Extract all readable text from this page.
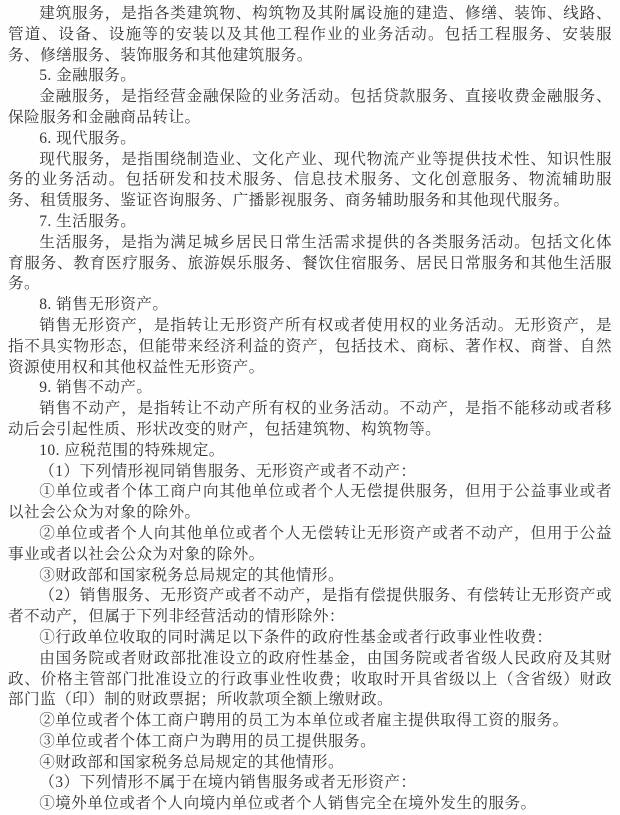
建筑服务，是指各类建筑物、构筑物及其附属设施的建造、修缮、装饰、线路、管道、设备、设施等的安装以及其他工程作业的业务活动。包括工程服务、安装服务、修缮服务、装饰服务和其他建筑服务。

5. 金融服务。

金融服务，是指经营金融保险的业务活动。包括贷款服务、直接收费金融服务、保险服务和金融商品转让。

6. 现代服务。

现代服务，是指围绕制造业、文化产业、现代物流产业等提供技术性、知识性服务的业务活动。包括研发和技术服务、信息技术服务、文化创意服务、物流辅助服务、租赁服务、鉴证咨询服务、广播影视服务、商务辅助服务和其他现代服务。

7. 生活服务。

生活服务，是指为满足城乡居民日常生活需求提供的各类服务活动。包括文化体育服务、教育医疗服务、旅游娱乐服务、餐饮住宿服务、居民日常服务和其他生活服务。

8. 销售无形资产。

销售无形资产，是指转让无形资产所有权或者使用权的业务活动。无形资产，是指不具实物形态，但能带来经济利益的资产，包括技术、商标、著作权、商誉、自然资源使用权和其他权益性无形资产。

9. 销售不动产。

销售不动产，是指转让不动产所有权的业务活动。不动产，是指不能移动或者移动后会引起性质、形状改变的财产，包括建筑物、构筑物等。

10. 应税范围的特殊规定。

（1）下列情形视同销售服务、无形资产或者不动产：

①单位或者个体工商户向其他单位或者个人无偿提供服务，但用于公益事业或者以社会公众为对象的除外。

②单位或者个人向其他单位或者个人无偿转让无形资产或者不动产，但用于公益事业或者以社会公众为对象的除外。

③财政部和国家税务总局规定的其他情形。

（2）销售服务、无形资产或者不动产，是指有偿提供服务、有偿转让无形资产或者不动产，但属于下列非经营活动的情形除外：

①行政单位收取的同时满足以下条件的政府性基金或者行政事业性收费：

由国务院或者财政部批准设立的政府性基金，由国务院或者省级人民政府及其财政、价格主管部门批准设立的行政事业性收费；收取时开具省级以上（含省级）财政部门监（印）制的财政票据；所收款项全额上缴财政。

②单位或者个体工商户聘用的员工为本单位或者雇主提供取得工资的服务。

③单位或者个体工商户为聘用的员工提供服务。

④财政部和国家税务总局规定的其他情形。

（3）下列情形不属于在境内销售服务或者无形资产：

①境外单位或者个人向境内单位或者个人销售完全在境外发生的服务。
